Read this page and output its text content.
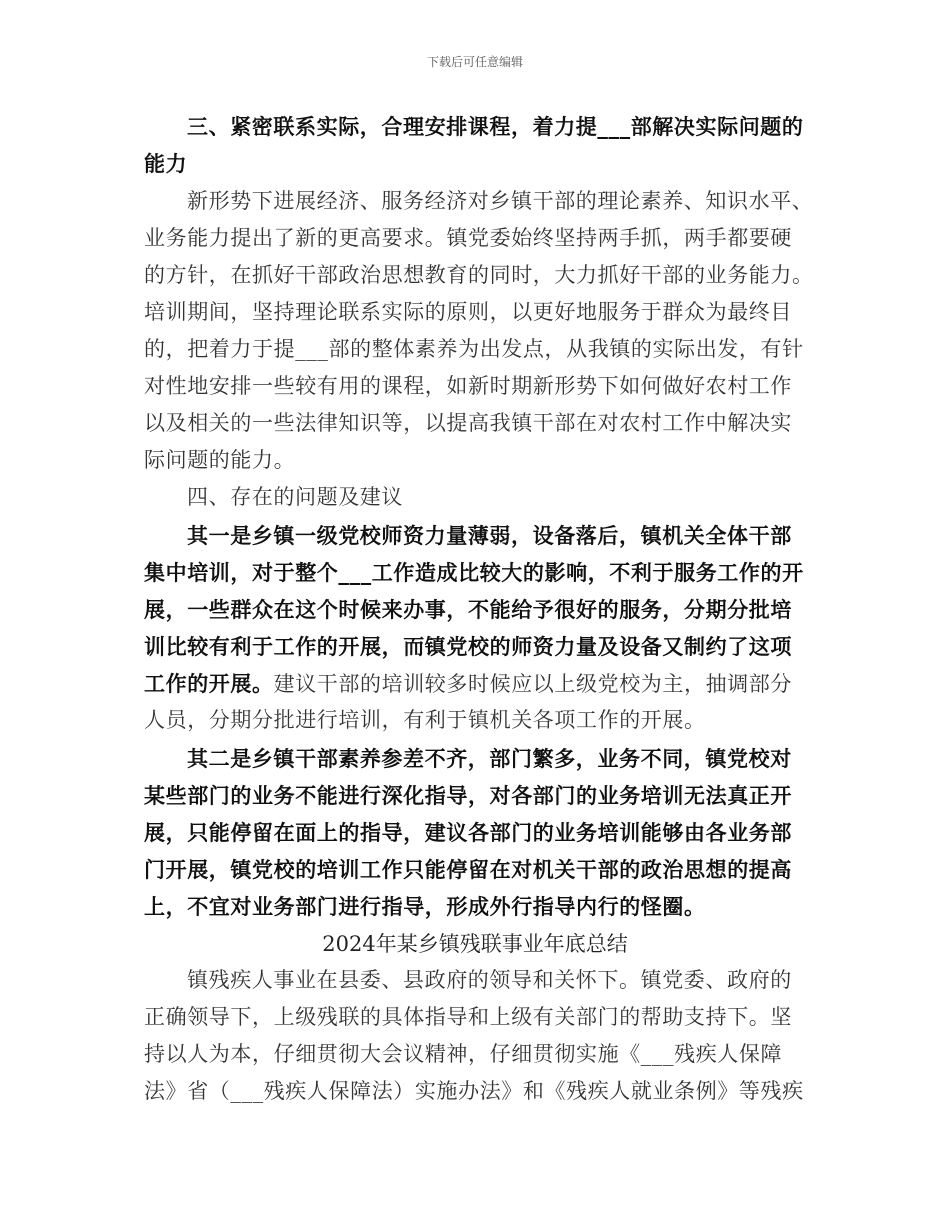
下载后可任意编辑
三、紧密联系实际，合理安排课程，着力提___部解决实际问题的
能力
新形势下进展经济、服务经济对乡镇干部的理论素养、知识水平、
业务能力提出了新的更高要求。镇党委始终坚持两手抓，两手都要硬
的方针，在抓好干部政治思想教育的同时，大力抓好干部的业务能力。
培训期间，坚持理论联系实际的原则，以更好地服务于群众为最终目
的，把着力于提___部的整体素养为出发点，从我镇的实际出发，有针
对性地安排一些较有用的课程，如新时期新形势下如何做好农村工作
以及相关的一些法律知识等，以提高我镇干部在对农村工作中解决实
际问题的能力。
四、存在的问题及建议
其一是乡镇一级党校师资力量薄弱，设备落后，镇机关全体干部
集中培训，对于整个___工作造成比较大的影响，不利于服务工作的开
展，一些群众在这个时候来办事，不能给予很好的服务，分期分批培
训比较有利于工作的开展，而镇党校的师资力量及设备又制约了这项
工作的开展。建议干部的培训较多时候应以上级党校为主，抽调部分
人员，分期分批进行培训，有利于镇机关各项工作的开展。
其二是乡镇干部素养参差不齐，部门繁多，业务不同，镇党校对
某些部门的业务不能进行深化指导，对各部门的业务培训无法真正开
展，只能停留在面上的指导，建议各部门的业务培训能够由各业务部
门开展，镇党校的培训工作只能停留在对机关干部的政治思想的提高
上，不宜对业务部门进行指导，形成外行指导内行的怪圈。
2024年某乡镇残联事业年底总结
镇残疾人事业在县委、县政府的领导和关怀下。镇党委、政府的
正确领导下，上级残联的具体指导和上级有关部门的帮助支持下。坚
持以人为本，仔细贯彻大会议精神，仔细贯彻实施《___残疾人保障
法》省（___残疾人保障法）实施办法》和《残疾人就业条例》等残疾
